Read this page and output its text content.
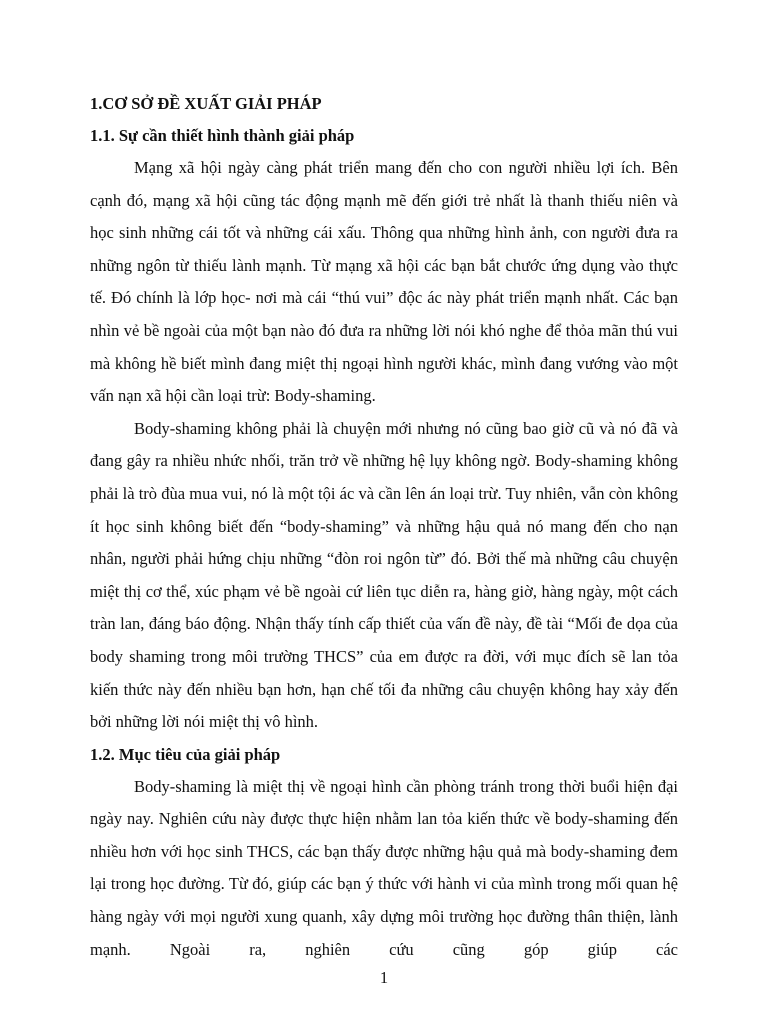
1.CƠ SỞ ĐỀ XUẤT GIẢI PHÁP

1.1. Sự cần thiết hình thành giải pháp

Mạng xã hội ngày càng phát triển mang đến cho con người nhiều lợi ích. Bên cạnh đó, mạng xã hội cũng tác động mạnh mẽ đến giới trẻ nhất là thanh thiếu niên và học sinh những cái tốt và những cái xấu. Thông qua những hình ảnh, con người đưa ra những ngôn từ thiếu lành mạnh. Từ mạng xã hội các bạn bắt chước ứng dụng vào thực tế. Đó chính là lớp học- nơi mà cái “thú vui” độc ác này phát triển mạnh nhất. Các bạn nhìn vẻ bề ngoài của một bạn nào đó đưa ra những lời nói khó nghe để thỏa mãn thú vui mà không hề biết mình đang miệt thị ngoại hình người khác, mình đang vướng vào một vấn nạn xã hội cần loại trừ: Body-shaming.

Body-shaming không phải là chuyện mới nhưng nó cũng bao giờ cũ và nó đã và đang gây ra nhiều nhức nhối, trăn trở về những hệ lụy không ngờ. Body-shaming không phải là trò đùa mua vui, nó là một tội ác và cần lên án loại trừ. Tuy nhiên, vẫn còn không ít học sinh không biết đến “body-shaming” và những hậu quả nó mang đến cho nạn nhân, người phải hứng chịu những “đòn roi ngôn từ” đó. Bởi thế mà những câu chuyện miệt thị cơ thể, xúc phạm vẻ bề ngoài cứ liên tục diễn ra, hàng giờ, hàng ngày, một cách tràn lan, đáng báo động. Nhận thấy tính cấp thiết của vấn đề này, đề tài “Mối đe dọa của body shaming trong môi trường THCS” của em được ra đời, với mục đích sẽ lan tỏa kiến thức này đến nhiều bạn hơn, hạn chế tối đa những câu chuyện không hay xảy đến bởi những lời nói miệt thị vô hình.

1.2. Mục tiêu của giải pháp

Body-shaming là miệt thị về ngoại hình cần phòng tránh trong thời buổi hiện đại ngày nay. Nghiên cứu này được thực hiện nhằm lan tỏa kiến thức về body-shaming đến nhiều hơn với học sinh THCS, các bạn thấy được những hậu quả mà body-shaming đem lại trong học đường. Từ đó, giúp các bạn ý thức với hành vi của mình trong mối quan hệ hàng ngày với mọi người xung quanh, xây dựng môi trường học đường thân thiện, lành mạnh. Ngoài ra, nghiên cứu cũng góp giúp các

1
